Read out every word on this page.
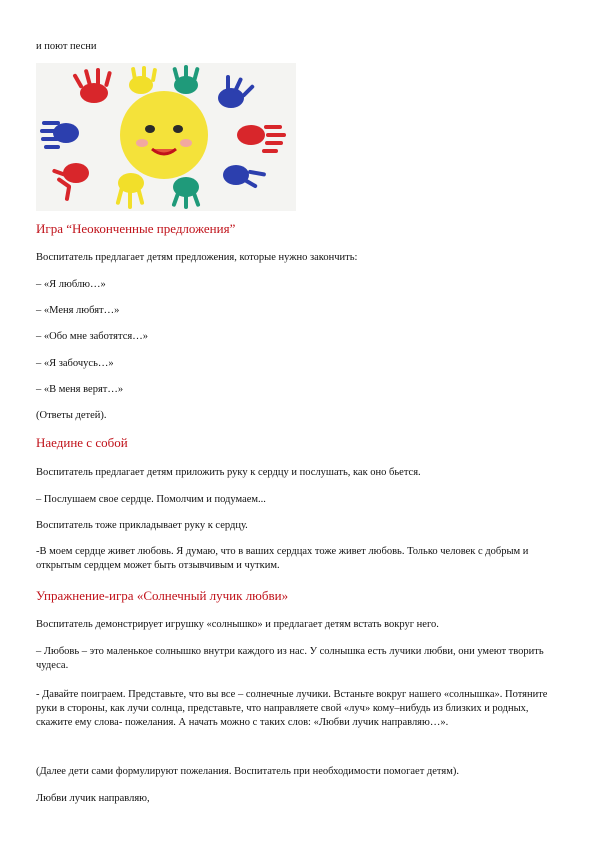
и поют песни

Игра “Неоконченные предложения”

Воспитатель предлагает детям предложения, которые нужно закончить:

– «Я люблю…»

– «Меня любят…»

– «Обо мне заботятся…»

– «Я забочусь…»

– «В меня верят…»

(Ответы детей).

Наедине с собой

Воспитатель предлагает детям приложить руку к сердцу и послушать, как оно бьется.

– Послушаем свое сердце. Помолчим и подумаем...

Воспитатель тоже прикладывает руку к сердцу.

-В моем сердце живет любовь. Я думаю, что в ваших сердцах тоже живет любовь. Только человек с добрым и открытым сердцем может быть отзывчивым и чутким.

Упражнение-игра «Солнечный лучик любви»

Воспитатель демонстрирует игрушку «солнышко» и предлагает детям встать вокруг него.

– Любовь – это маленькое солнышко внутри каждого из нас. У солнышка есть лучики любви, они умеют творить чудеса.

- Давайте поиграем. Представьте, что вы все – солнечные лучики. Встаньте вокруг нашего «солнышка». Потяните руки в стороны, как лучи солнца, представьте, что направляете свой «луч» кому–нибудь из близких и родных, скажите ему слова- пожелания. А начать можно с таких слов: «Любви лучик направляю…».

(Далее дети сами формулируют пожелания. Воспитатель при необходимости помогает детям).

Любви лучик направляю,
